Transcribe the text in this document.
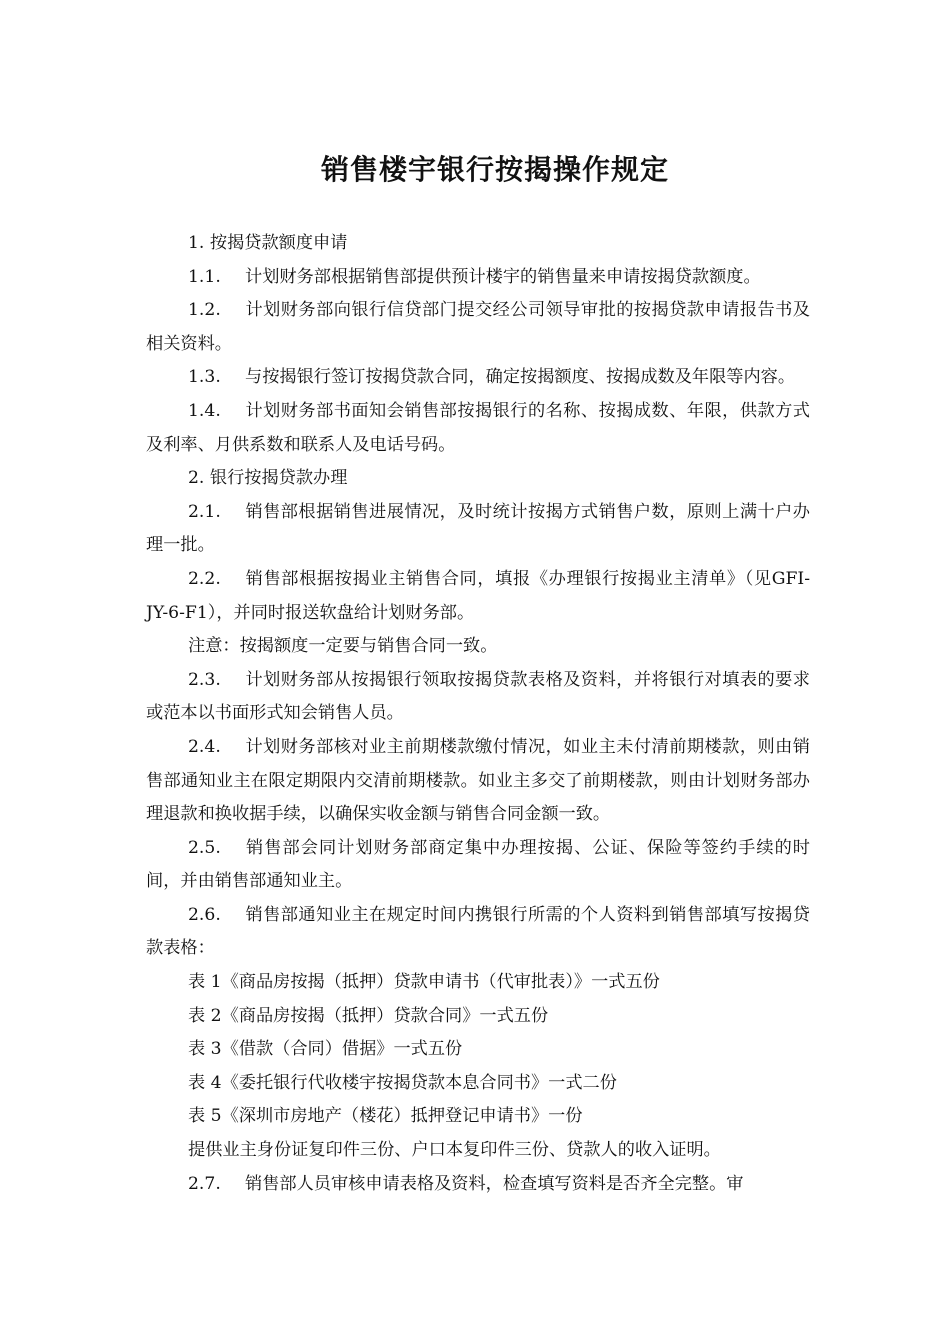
销售楼宇银行按揭操作规定

1. 按揭贷款额度申请

1.1. 计划财务部根据销售部提供预计楼宇的销售量来申请按揭贷款额度。

1.2. 计划财务部向银行信贷部门提交经公司领导审批的按揭贷款申请报告书及相关资料。

1.3. 与按揭银行签订按揭贷款合同，确定按揭额度、按揭成数及年限等内容。

1.4. 计划财务部书面知会销售部按揭银行的名称、按揭成数、年限，供款方式及利率、月供系数和联系人及电话号码。

2. 银行按揭贷款办理

2.1. 销售部根据销售进展情况，及时统计按揭方式销售户数，原则上满十户办理一批。

2.2. 销售部根据按揭业主销售合同，填报《办理银行按揭业主清单》（见GFI-JY-6-F1），并同时报送软盘给计划财务部。

注意：按揭额度一定要与销售合同一致。

2.3. 计划财务部从按揭银行领取按揭贷款表格及资料，并将银行对填表的要求或范本以书面形式知会销售人员。

2.4. 计划财务部核对业主前期楼款缴付情况，如业主未付清前期楼款，则由销售部通知业主在限定期限内交清前期楼款。如业主多交了前期楼款，则由计划财务部办理退款和换收据手续，以确保实收金额与销售合同金额一致。

2.5. 销售部会同计划财务部商定集中办理按揭、公证、保险等签约手续的时间，并由销售部通知业主。

2.6. 销售部通知业主在规定时间内携银行所需的个人资料到销售部填写按揭贷款表格：

表 1《商品房按揭（抵押）贷款申请书（代审批表）》一式五份

表 2《商品房按揭（抵押）贷款合同》一式五份

表 3《借款（合同）借据》一式五份

表 4《委托银行代收楼宇按揭贷款本息合同书》一式二份

表 5《深圳市房地产（楼花）抵押登记申请书》一份

提供业主身份证复印件三份、户口本复印件三份、贷款人的收入证明。

2.7. 销售部人员审核申请表格及资料，检查填写资料是否齐全完整。审
